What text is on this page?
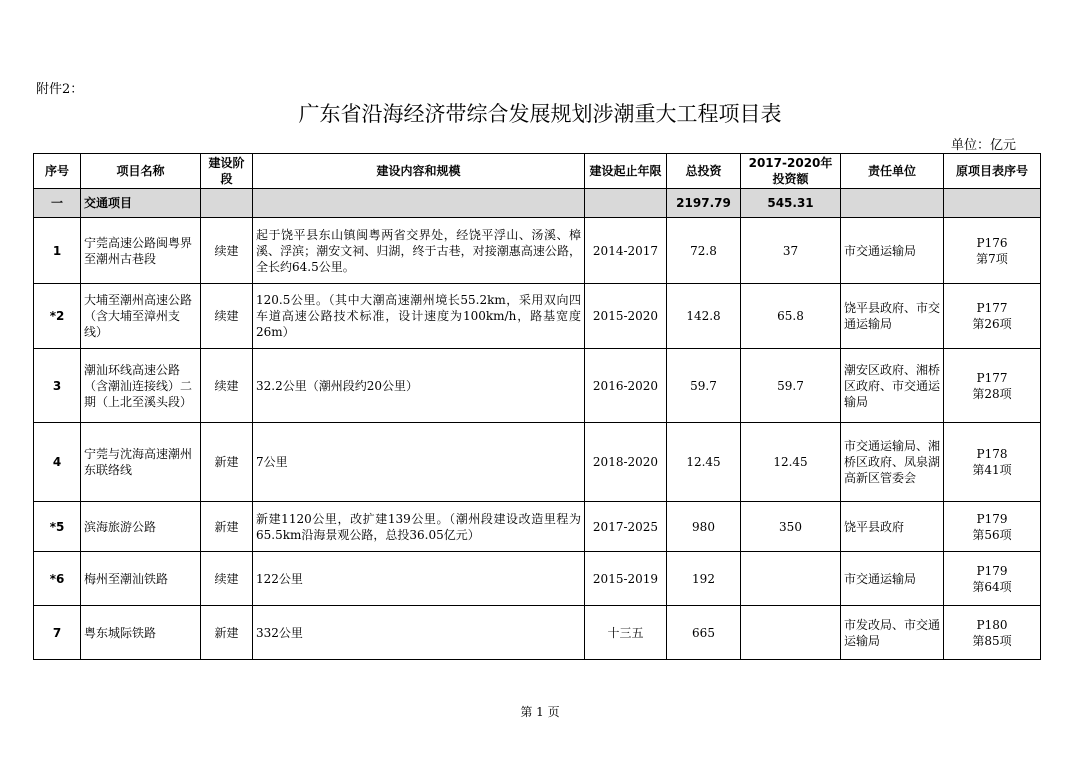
附件2：
广东省沿海经济带综合发展规划涉潮重大工程项目表
单位：亿元
序号	项目名称	建设阶段	建设内容和规模	建设起止年限	总投资	2017-2020年投资额	责任单位	原项目表序号
一	交通项目				2197.79	545.31		
1	宁莞高速公路闽粤界至潮州古巷段	续建	起于饶平县东山镇闽粤两省交界处，经饶平浮山、汤溪、樟溪、浮滨；潮安文祠、归湖，终于古巷，对接潮惠高速公路，全长约64.5公里。	2014-2017	72.8	37	市交通运输局	P176
第7项

*2	大埔至潮州高速公路（含大埔至漳州支线）	续建	120.5公里。（其中大潮高速潮州境长55.2km，采用双向四车道高速公路技术标准，设计速度为100km/h，路基宽度26m）	2015-2020	142.8	65.8	饶平县政府、市交通运输局	P177
第26项

3	潮汕环线高速公路（含潮汕连接线）二期（上北至溪头段）	续建	32.2公里（潮州段约20公里）	2016-2020	59.7	59.7	潮安区政府、湘桥区政府、市交通运输局	P177
第28项

4	宁莞与沈海高速潮州东联络线	新建	7公里	2018-2020	12.45	12.45	市交通运输局、湘桥区政府、凤泉湖高新区管委会	P178
第41项

*5	滨海旅游公路	新建	新建1120公里，改扩建139公里。（潮州段建设改造里程为65.5km沿海景观公路，总投36.05亿元）	2017-2025	980	350	饶平县政府	P179
第56项

*6	梅州至潮汕铁路	续建	122公里	2015-2019	192		市交通运输局	P179
第64项

7	粤东城际铁路	新建	332公里	十三五	665		市发改局、市交通运输局	P180
第85项
第 1 页
